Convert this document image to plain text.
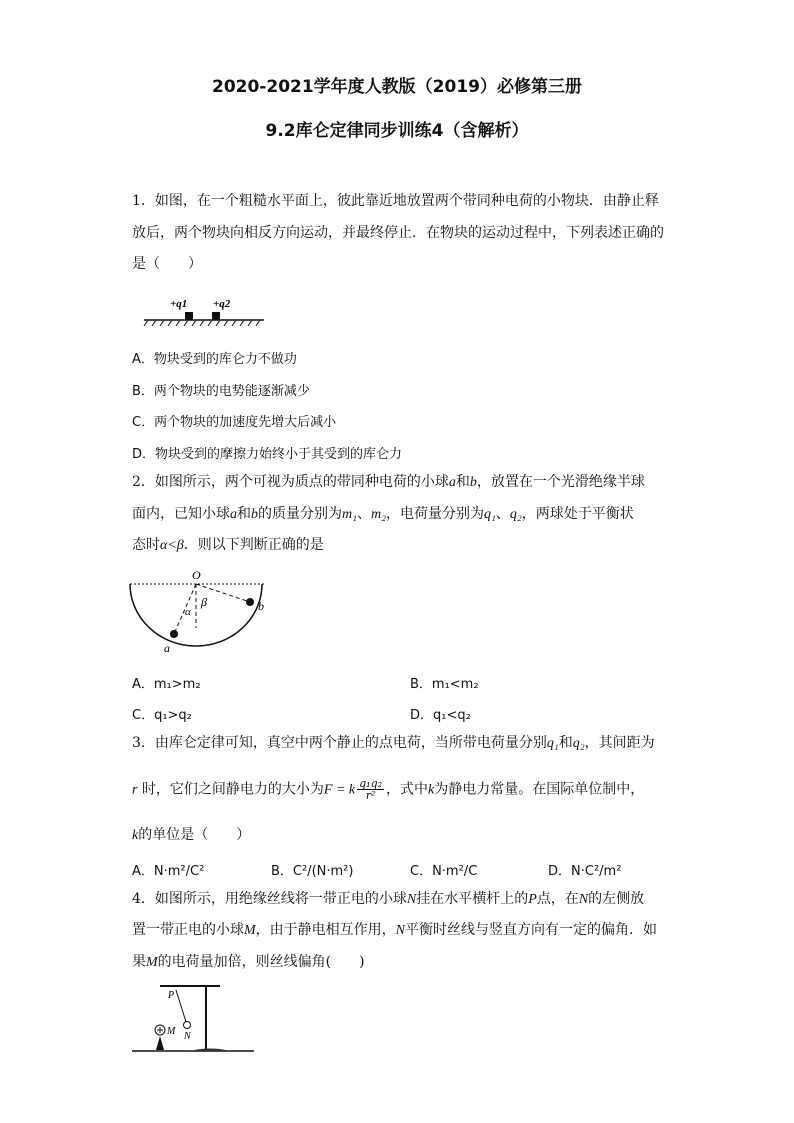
2020-2021学年度人教版（2019）必修第三册
9.2库仑定律同步训练4（含解析）
1．如图，在一个粗糙水平面上，彼此靠近地放置两个带同种电荷的小物块．由静止释
放后，两个物块向相反方向运动，并最终停止．在物块的运动过程中，下列表述正确的
是（　　）
+q1 +q2
A．物块受到的库仑力不做功
B．两个物块的电势能逐渐减少
C．两个物块的加速度先增大后减小
D．物块受到的摩擦力始终小于其受到的库仑力
2．如图所示，两个可视为质点的带同种电荷的小球a和b，放置在一个光滑绝缘半球
面内，已知小球a和b的质量分别为m₁、m₂，电荷量分别为q₁、q₂，两球处于平衡状
态时α<β．则以下判断正确的是
O
α
β
a
b
A．m₁>m₂	B．m₁<m₂
C．q₁>q₂	D．q₁<q₂
3．由库仑定律可知，真空中两个静止的点电荷，当所带电荷量分别q₁和q₂，其间距为
r 时，它们之间静电力的大小为F = k $\frac{\text{q₁q₂}}{\text{r²}}$ ，式中k为静电力常量。在国际单位制中，
k的单位是（　　）
A．N·m²/C²	B．C²/(N·m²)	C．N·m²/C	D．N·C²/m²
4．如图所示，用绝缘丝线将一带正电的小球N挂在水平横杆上的P点，在N的左侧放
置一带正电的小球M，由于静电相互作用，N平衡时丝线与竖直方向有一定的偏角．如
果M的电荷量加倍，则丝线偏角(　　)
P
M N
